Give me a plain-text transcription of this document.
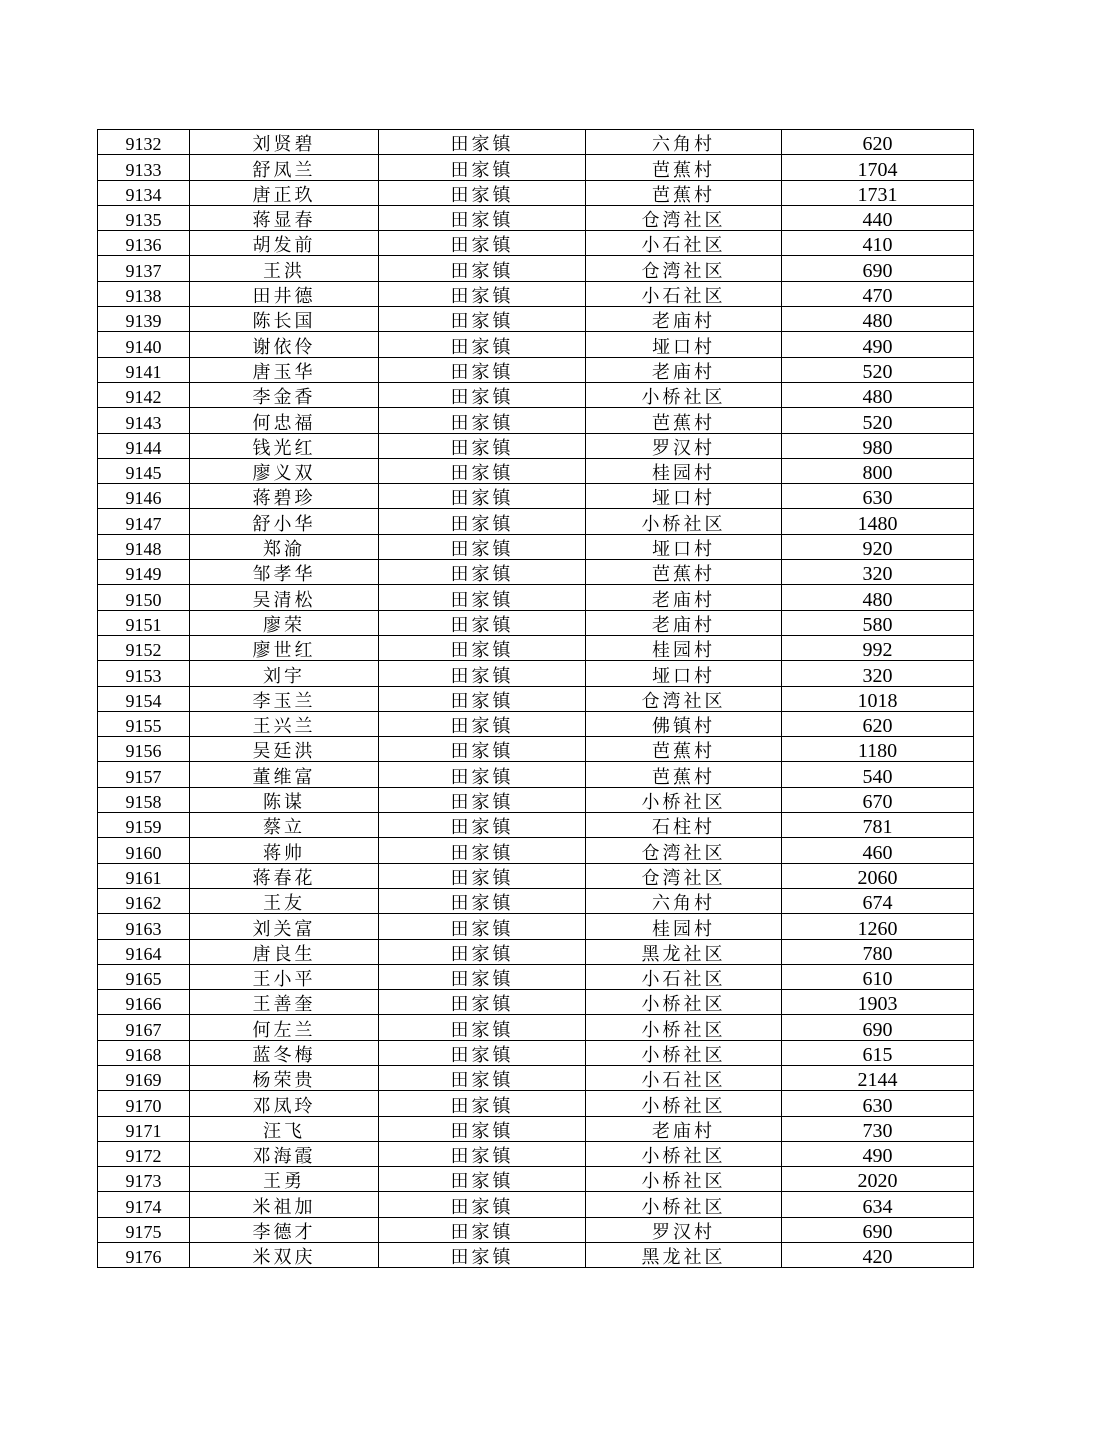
9132	刘贤碧	田家镇	六角村	620
9133	舒凤兰	田家镇	芭蕉村	1704
9134	唐正玖	田家镇	芭蕉村	1731
9135	蒋显春	田家镇	仓湾社区	440
9136	胡发前	田家镇	小石社区	410
9137	王洪	田家镇	仓湾社区	690
9138	田井德	田家镇	小石社区	470
9139	陈长国	田家镇	老庙村	480
9140	谢依伶	田家镇	垭口村	490
9141	唐玉华	田家镇	老庙村	520
9142	李金香	田家镇	小桥社区	480
9143	何忠福	田家镇	芭蕉村	520
9144	钱光红	田家镇	罗汉村	980
9145	廖义双	田家镇	桂园村	800
9146	蒋碧珍	田家镇	垭口村	630
9147	舒小华	田家镇	小桥社区	1480
9148	郑渝	田家镇	垭口村	920
9149	邹孝华	田家镇	芭蕉村	320
9150	吴清松	田家镇	老庙村	480
9151	廖荣	田家镇	老庙村	580
9152	廖世红	田家镇	桂园村	992
9153	刘宇	田家镇	垭口村	320
9154	李玉兰	田家镇	仓湾社区	1018
9155	王兴兰	田家镇	佛镇村	620
9156	吴廷洪	田家镇	芭蕉村	1180
9157	董维富	田家镇	芭蕉村	540
9158	陈谋	田家镇	小桥社区	670
9159	蔡立	田家镇	石柱村	781
9160	蒋帅	田家镇	仓湾社区	460
9161	蒋春花	田家镇	仓湾社区	2060
9162	王友	田家镇	六角村	674
9163	刘关富	田家镇	桂园村	1260
9164	唐良生	田家镇	黑龙社区	780
9165	王小平	田家镇	小石社区	610
9166	王善奎	田家镇	小桥社区	1903
9167	何左兰	田家镇	小桥社区	690
9168	蓝冬梅	田家镇	小桥社区	615
9169	杨荣贵	田家镇	小石社区	2144
9170	邓凤玲	田家镇	小桥社区	630
9171	汪飞	田家镇	老庙村	730
9172	邓海霞	田家镇	小桥社区	490
9173	王勇	田家镇	小桥社区	2020
9174	米祖加	田家镇	小桥社区	634
9175	李德才	田家镇	罗汉村	690
9176	米双庆	田家镇	黑龙社区	420
